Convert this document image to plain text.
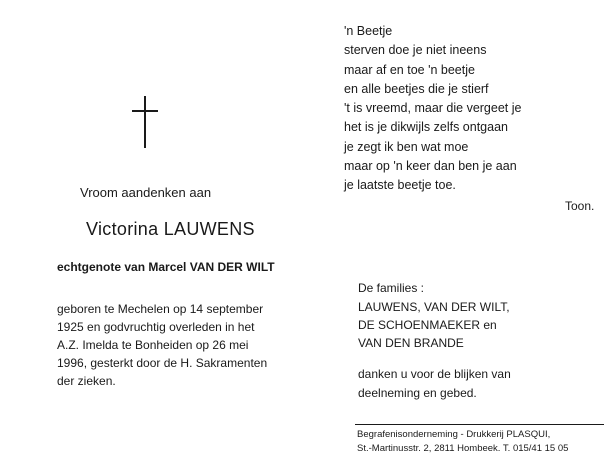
Vroom aandenken aan
Victorina LAUWENS
echtgenote van Marcel VAN DER WILT
geboren te Mechelen op 14 september
1925 en godvruchtig overleden in het
A.Z. Imelda te Bonheiden op 26 mei
1996, gesterkt door de H. Sakramenten
der zieken.
'n Beetje
sterven doe je niet ineens
maar af en toe 'n beetje
en alle beetjes die je stierf
't is vreemd, maar die vergeet je
het is je dikwijls zelfs ontgaan
je zegt ik ben wat moe
maar op 'n keer dan ben je aan
je laatste beetje toe.
Toon.
De families :
LAUWENS, VAN DER WILT,
DE SCHOENMAEKER en
VAN DEN BRANDE
danken u voor de blijken van
deelneming en gebed.
Begrafenisonderneming - Drukkerij PLASQUI,
St.-Martinusstr. 2, 2811 Hombeek. T. 015/41 15 05
